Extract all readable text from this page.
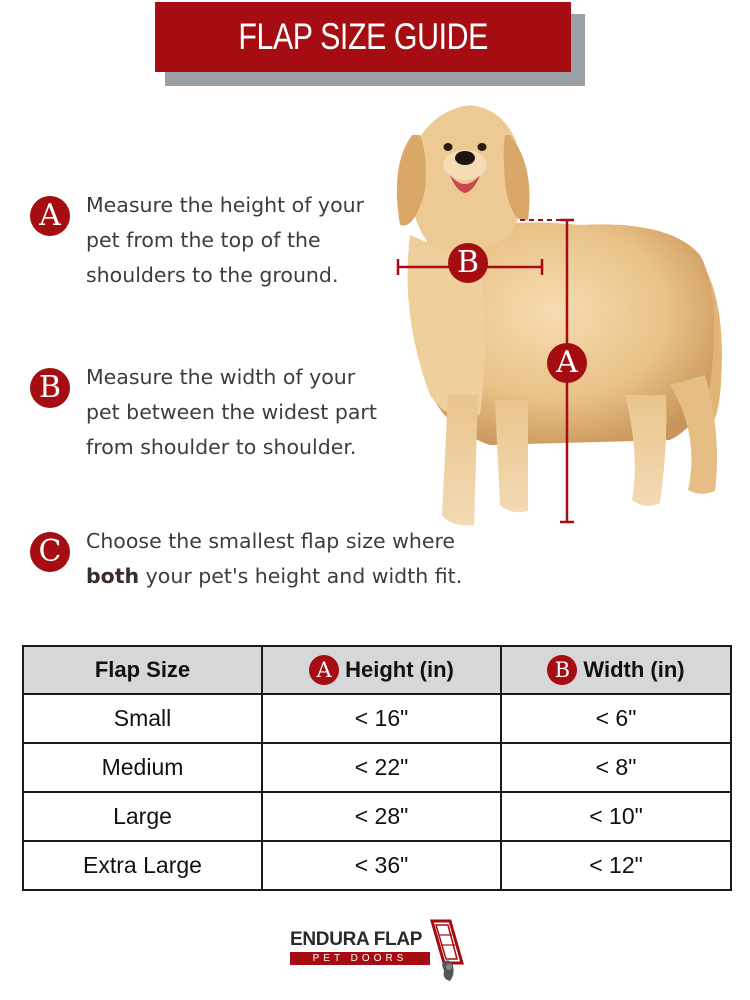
FLAP SIZE GUIDE
A	Measure the height of your
pet from the top of the
shoulders to the ground.
B	Measure the width of your
pet between the widest part
from shoulder to shoulder.
C	Choose the smallest flap size where
both your pet's height and width fit.
B
A
Flap Size	A Height (in)	B Width (in)

Small	< 16"	< 6"
Medium	< 22"	< 8"
Large	< 28"	< 10"
Extra Large	< 36"	< 12"
ENDURA FLAP
PET DOORS
